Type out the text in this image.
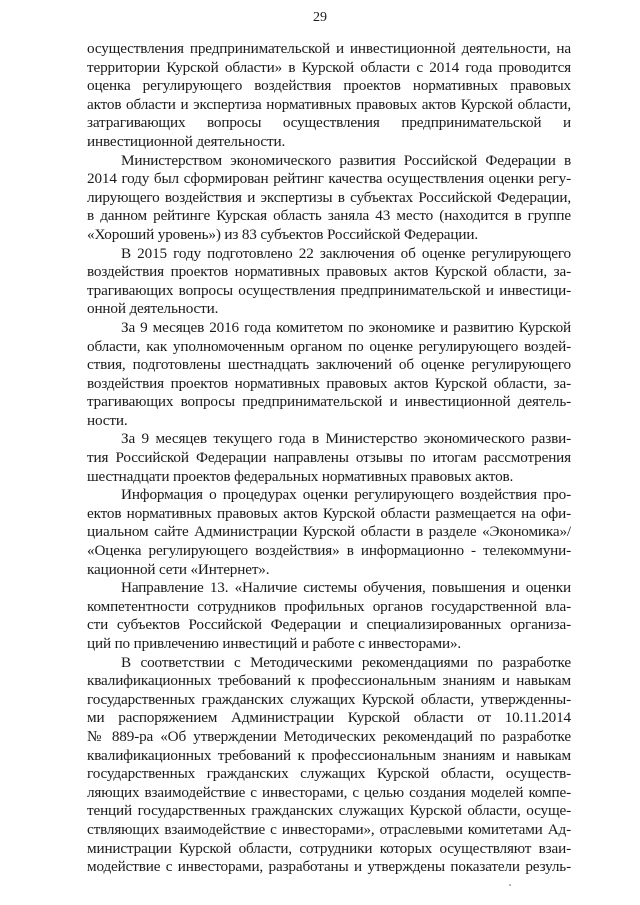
29
осуществления предпринимательской и инвестиционной деятельности, на
территории Курской области» в Курской области с 2014 года проводится
оценка регулирующего воздействия проектов нормативных правовых
актов области и экспертиза нормативных правовых актов Курской области,
затрагивающих вопросы осуществления предпринимательской и
инвестиционной деятельности.
Министерством экономического развития Российской Федерации в
2014 году был сформирован рейтинг качества осуществления оценки регу-
лирующего воздействия и экспертизы в субъектах Российской Федерации,
в данном рейтинге Курская область заняла 43 место (находится в группе
«Хороший уровень») из 83 субъектов Российской Федерации.
В 2015 году подготовлено 22 заключения об оценке регулирующего
воздействия проектов нормативных правовых актов Курской области, за-
трагивающих вопросы осуществления предпринимательской и инвестици-
онной деятельности.
За 9 месяцев 2016 года комитетом по экономике и развитию Курской
области, как уполномоченным органом по оценке регулирующего воздей-
ствия, подготовлены шестнадцать заключений об оценке регулирующего
воздействия проектов нормативных правовых актов Курской области, за-
трагивающих вопросы предпринимательской и инвестиционной деятель-
ности.
За 9 месяцев текущего года в Министерство экономического разви-
тия Российской Федерации направлены отзывы по итогам рассмотрения
шестнадцати проектов федеральных нормативных правовых актов.
Информация о процедурах оценки регулирующего воздействия про-
ектов нормативных правовых актов Курской области размещается на офи-
циальном сайте Администрации Курской области в разделе «Экономика»/
«Оценка регулирующего воздействия» в информационно - телекоммуни-
кационной сети «Интернет».
Направление 13. «Наличие системы обучения, повышения и оценки
компетентности сотрудников профильных органов государственной вла-
сти субъектов Российской Федерации и специализированных организа-
ций по привлечению инвестиций и работе с инвесторами».
В соответствии с Методическими рекомендациями по разработке
квалификационных требований к профессиональным знаниям и навыкам
государственных гражданских служащих Курской области, утвержденны-
ми распоряжением Администрации Курской области от 10.11.2014
№ 889-ра «Об утверждении Методических рекомендаций по разработке
квалификационных требований к профессиональным знаниям и навыкам
государственных гражданских служащих Курской области, осуществ-
ляющих взаимодействие с инвесторами, с целью создания моделей компе-
тенций государственных гражданских служащих Курской области, осуще-
ствляющих взаимодействие с инвесторами», отраслевыми комитетами Ад-
министрации Курской области, сотрудники которых осуществляют взаи-
модействие с инвесторами, разработаны и утверждены показатели резуль-
